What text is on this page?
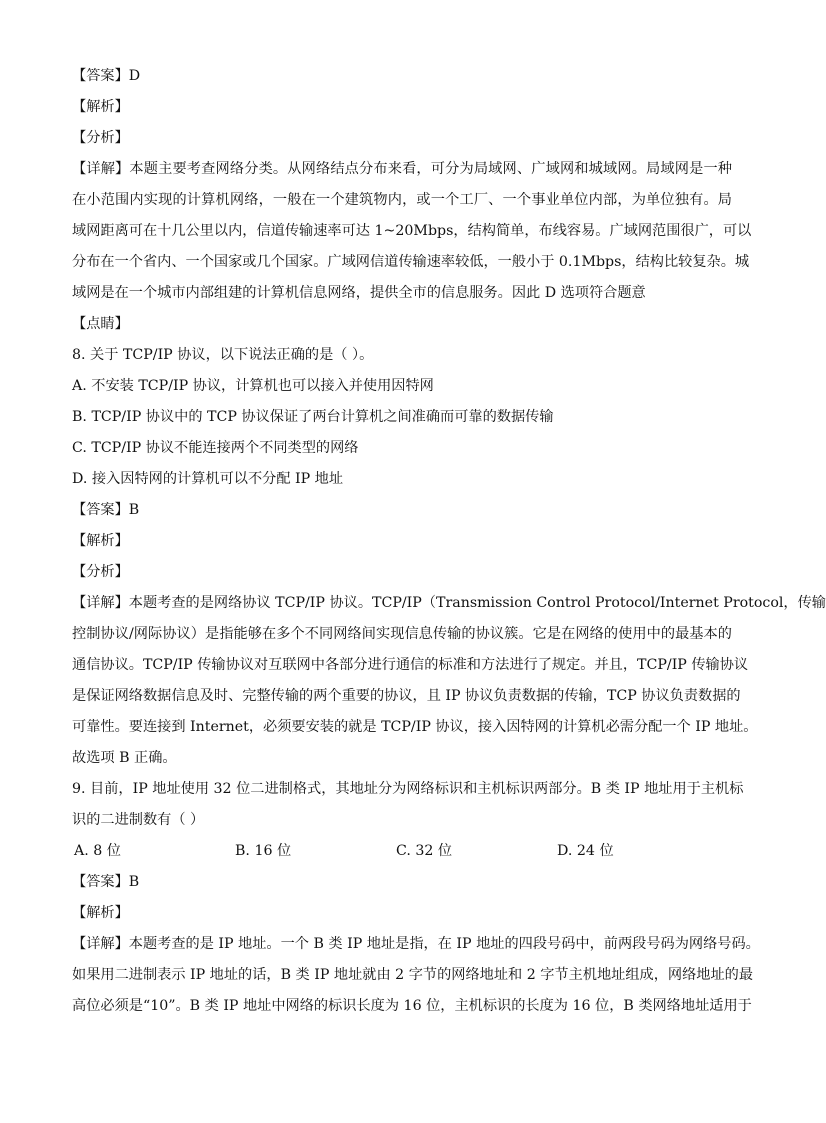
【答案】D
【解析】
【分析】
【详解】本题主要考查网络分类。从网络结点分布来看，可分为局域网、广域网和城域网。局域网是一种
在小范围内实现的计算机网络，一般在一个建筑物内，或一个工厂、一个事业单位内部，为单位独有。局
域网距离可在十几公里以内，信道传输速率可达 1~20Mbps，结构简单，布线容易。广域网范围很广，可以
分布在一个省内、一个国家或几个国家。广域网信道传输速率较低，一般小于 0.1Mbps，结构比较复杂。城
域网是在一个城市内部组建的计算机信息网络，提供全市的信息服务。因此 D 选项符合题意
【点睛】
8. 关于 TCP/IP 协议，以下说法正确的是（ ）。
A. 不安装 TCP/IP 协议，计算机也可以接入并使用因特网
B. TCP/IP 协议中的 TCP 协议保证了两台计算机之间准确而可靠的数据传输
C. TCP/IP 协议不能连接两个不同类型的网络
D. 接入因特网的计算机可以不分配 IP 地址
【答案】B
【解析】
【分析】
【详解】本题考查的是网络协议 TCP/IP 协议。TCP/IP（Transmission Control Protocol/Internet Protocol，传输
控制协议/网际协议）是指能够在多个不同网络间实现信息传输的协议簇。它是在网络的使用中的最基本的
通信协议。TCP/IP 传输协议对互联网中各部分进行通信的标准和方法进行了规定。并且，TCP/IP 传输协议
是保证网络数据信息及时、完整传输的两个重要的协议，且 IP 协议负责数据的传输，TCP 协议负责数据的
可靠性。要连接到 Internet，必须要安装的就是 TCP/IP 协议，接入因特网的计算机必需分配一个 IP 地址。
故选项 B 正确。
9. 目前，IP 地址使用 32 位二进制格式，其地址分为网络标识和主机标识两部分。B 类 IP 地址用于主机标
识的二进制数有（ ）
A. 8 位	B. 16 位	C. 32 位	D. 24 位
【答案】B
【解析】
【详解】本题考查的是 IP 地址。一个 B 类 IP 地址是指，在 IP 地址的四段号码中，前两段号码为网络号码。
如果用二进制表示 IP 地址的话，B 类 IP 地址就由 2 字节的网络地址和 2 字节主机地址组成，网络地址的最
高位必须是“10”。B 类 IP 地址中网络的标识长度为 16 位，主机标识的长度为 16 位，B 类网络地址适用于
